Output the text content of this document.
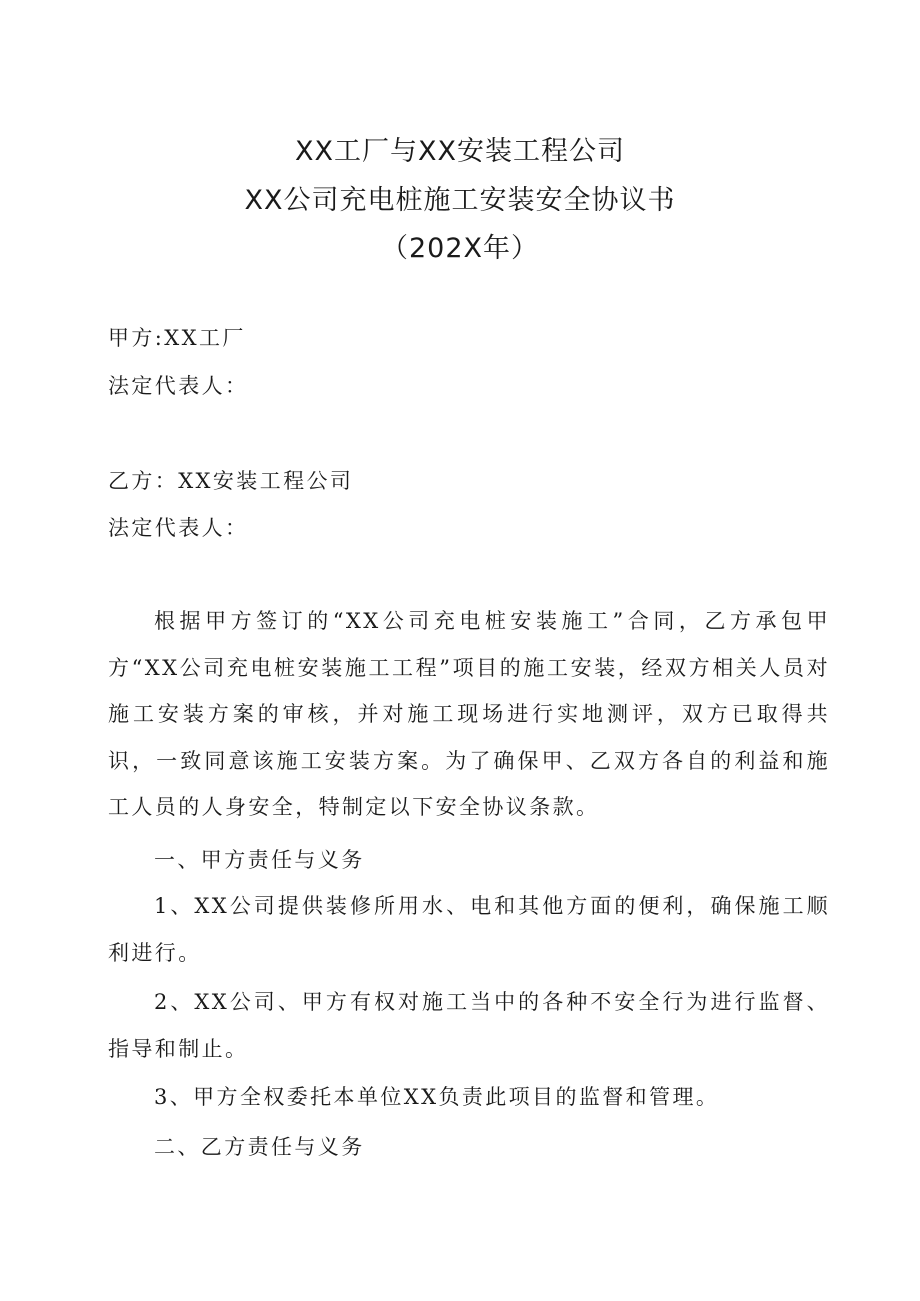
XX工厂与XX安装工程公司
XX公司充电桩施工安装安全协议书
（202X年）
甲方:XX工厂
法定代表人：
乙方：XX安装工程公司
法定代表人：

根据甲方签订的“XX公司充电桩安装施工”合同，乙方承包甲方“XX公司充电桩安装施工工程”项目的施工安装，经双方相关人员对施工安装方案的审核，并对施工现场进行实地测评，双方已取得共识，一致同意该施工安装方案。为了确保甲、乙双方各自的利益和施工人员的人身安全，特制定以下安全协议条款。

一、甲方责任与义务

1、XX公司提供装修所用水、电和其他方面的便利，确保施工顺利进行。

2、XX公司、甲方有权对施工当中的各种不安全行为进行监督、指导和制止。

3、甲方全权委托本单位XX负责此项目的监督和管理。

二、乙方责任与义务
